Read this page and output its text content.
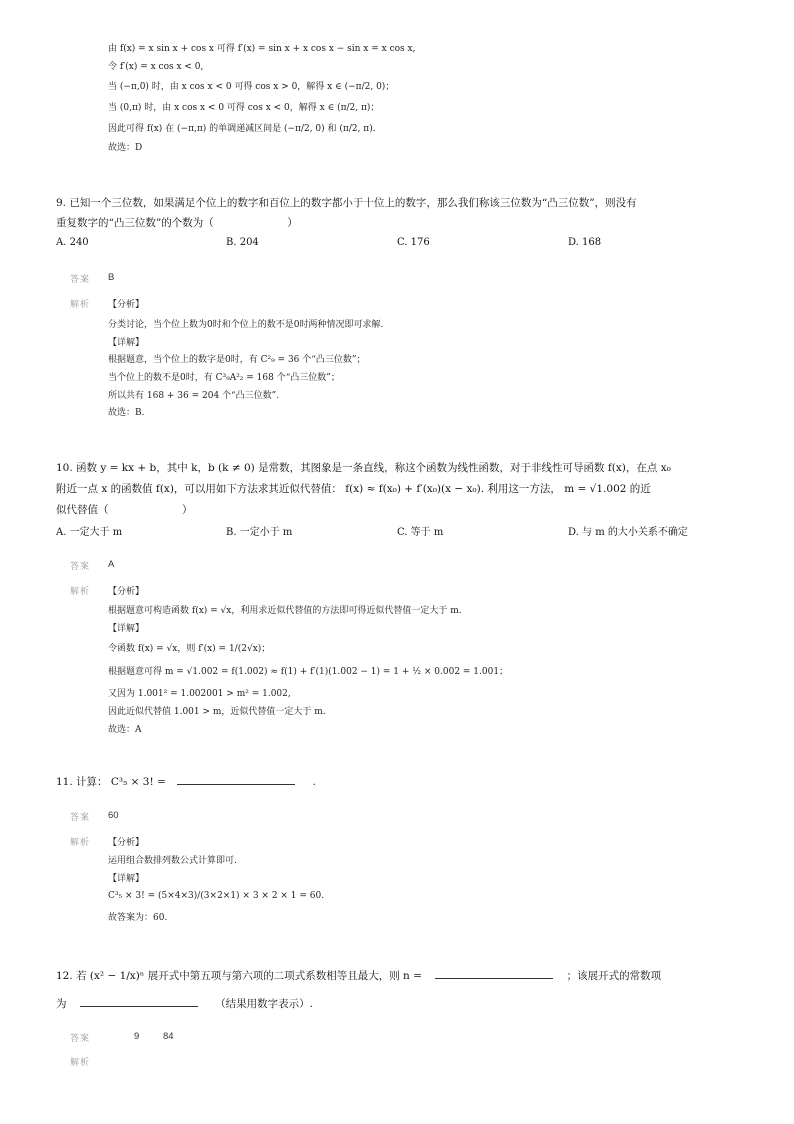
由 f(x) = x sin x + cos x 可得 f′(x) = sin x + x cos x − sin x = x cos x,
令 f′(x) = x cos x < 0,
当 (−π,0) 时，由 x cos x < 0 可得 cos x > 0，解得 x ∈ (−π/2, 0)；
当 (0,π) 时，由 x cos x < 0 可得 cos x < 0，解得 x ∈ (π/2, π)；
因此可得 f(x) 在 (−π,π) 的单调递减区间是 (−π/2, 0) 和 (π/2, π).
故选：D
9. 已知一个三位数，如果满足个位上的数字和百位上的数字都小于十位上的数字，那么我们称该三位数为“凸三位数”，则没有
重复数字的“凸三位数”的个数为（　　　　　　　）
A. 240	B. 204	C. 176	D. 168
答案 B
解析 【分析】
分类讨论，当个位上数为0时和个位上的数不是0时两种情况即可求解.
【详解】
根据题意，当个位上的数字是0时，有 C²₉ = 36 个“凸三位数”；
当个位上的数不是0时，有 C³₉A²₂ = 168 个“凸三位数”；
所以共有 168 + 36 = 204 个“凸三位数”.
故选：B.
10. 函数 y = kx + b，其中 k，b (k ≠ 0) 是常数，其图象是一条直线，称这个函数为线性函数，对于非线性可导函数 f(x)，在点 x₀
附近一点 x 的函数值 f(x)，可以用如下方法求其近似代替值： f(x) ≈ f(x₀) + f′(x₀)(x − x₀). 利用这一方法， m = √1.002 的近
似代替值（　　　　　　　）
A. 一定大于 m	B. 一定小于 m	C. 等于 m	D. 与 m 的大小关系不确定
答案 A
解析 【分析】
根据题意可构造函数 f(x) = √x，利用求近似代替值的方法即可得近似代替值一定大于 m.
【详解】
令函数 f(x) = √x，则 f′(x) = 1/(2√x)；
根据题意可得 m = √1.002 = f(1.002) ≈ f(1) + f′(1)(1.002 − 1) = 1 + ½ × 0.002 = 1.001；
又因为 1.001² = 1.002001 > m² = 1.002,
因此近似代替值 1.001 > m，近似代替值一定大于 m.
故选：A
11. 计算： C³₅ × 3! =	.
答案 60
解析 【分析】
运用组合数排列数公式计算即可.
【详解】
C³₅ × 3! = (5×4×3)/(3×2×1) × 3 × 2 × 1 = 60.
故答案为：60.
12. 若 (x² − 1/x)ⁿ 展开式中第五项与第六项的二项式系数相等且最大，则 n =	；该展开式的常数项
为	（结果用数字表示）.
答案	9 84
解析
